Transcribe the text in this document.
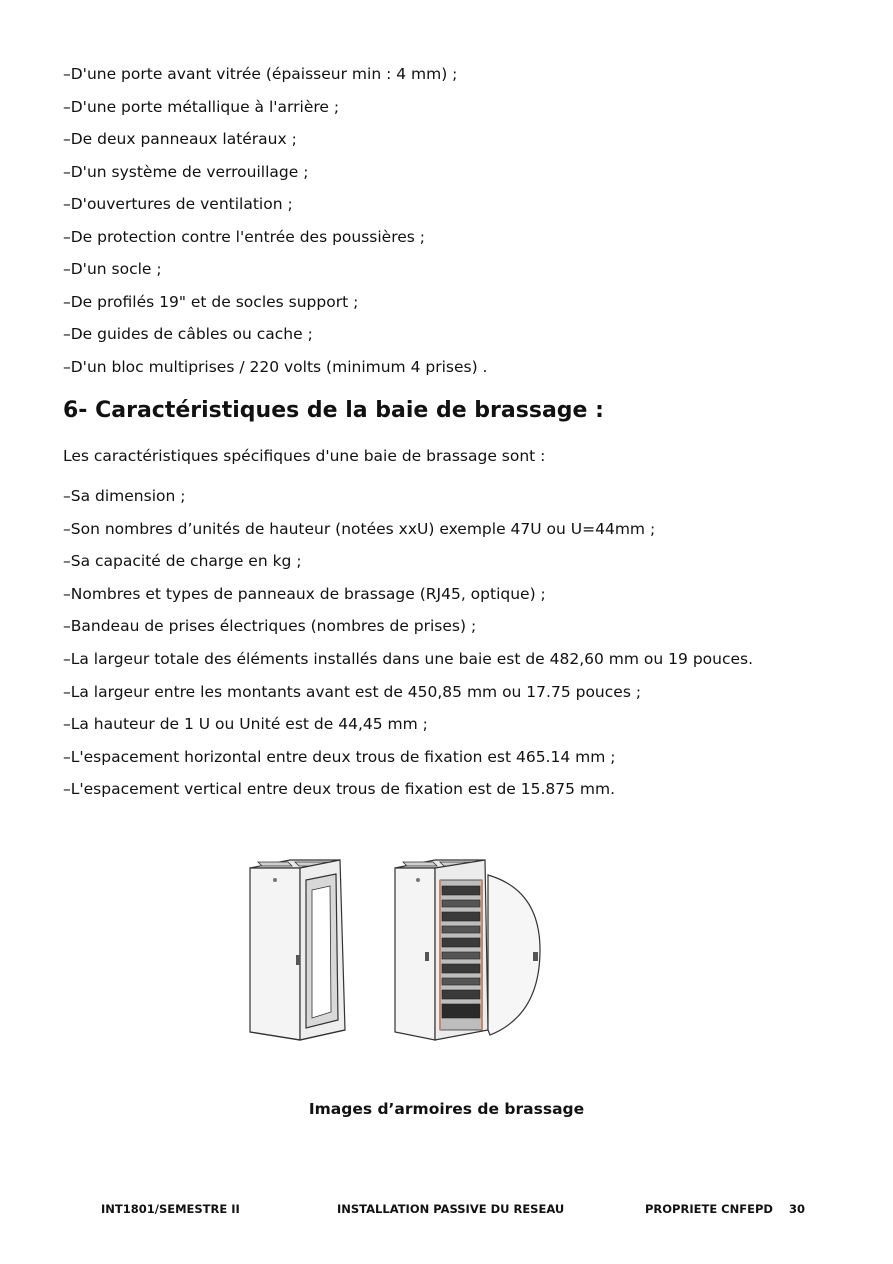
–D'une porte avant vitrée (épaisseur min : 4 mm) ;
–D'une porte métallique à l'arrière ;
–De deux panneaux latéraux ;
–D'un système de verrouillage ;
–D'ouvertures de ventilation ;
–De protection contre l'entrée des poussières ;
–D'un socle ;
–De profilés 19" et de socles support ;
–De guides de câbles ou cache ;
–D'un bloc multiprises / 220 volts (minimum 4 prises) .
6- Caractéristiques de la baie de brassage :
Les caractéristiques spécifiques d'une baie de brassage sont :
–Sa dimension ;
–Son nombres d’unités de hauteur (notées xxU) exemple 47U ou U=44mm ;
–Sa capacité de charge en kg ;
–Nombres et types de panneaux de brassage (RJ45, optique) ;
–Bandeau de prises électriques (nombres de prises) ;
–La largeur totale des éléments installés dans une baie est de 482,60 mm ou 19 pouces.
–La largeur entre les montants avant est de 450,85 mm ou 17.75 pouces ;
–La hauteur de 1 U ou Unité est de 44,45 mm ;
–L'espacement horizontal entre deux trous de fixation est 465.14 mm ;
–L'espacement vertical entre deux trous de fixation est de 15.875 mm.
Images d’armoires de brassage
INT1801/SEMESTRE II	INSTALLATION PASSIVE DU RESEAU	PROPRIETE CNFEPD    30
